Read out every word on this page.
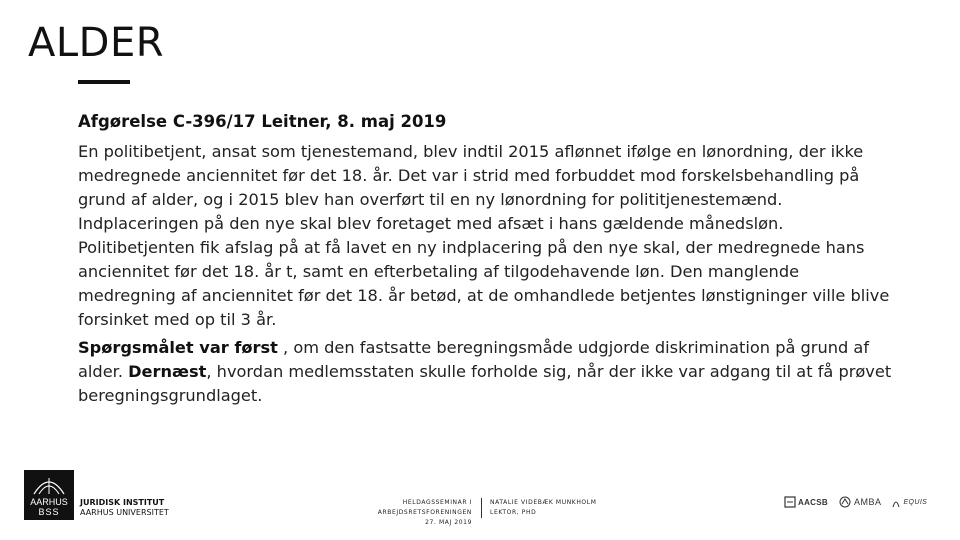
ALDER

Afgørelse C-396/17 Leitner, 8. maj 2019

En politibetjent, ansat som tjenestemand, blev indtil 2015 aflønnet ifølge en lønordning, der ikke medregnede anciennitet før det 18. år. Det var i strid med forbuddet mod forskelsbehandling på grund af alder, og i 2015 blev han overført til en ny lønordning for polititjenestemænd. Indplaceringen på den nye skal blev foretaget med afsæt i hans gældende månedsløn. Politibetjenten fik afslag på at få lavet en ny indplacering på den nye skal, der medregnede hans anciennitet før det 18. år t, samt en efterbetaling af tilgodehavende løn. Den manglende medregning af anciennitet før det 18. år betød, at de omhandlede betjentes lønstigninger ville blive forsinket med op til 3 år.

Spørgsmålet var først , om den fastsatte beregningsmåde udgjorde diskrimination på grund af alder. Dernæst, hvordan medlemsstaten skulle forholde sig, når der ikke var adgang til at få prøvet beregningsgrundlaget.

AARHUS
BSS
JURIDISK INSTITUT
AARHUS UNIVERSITET
HELDAGSSEMINAR I ARBEJDSRETSFORENINGEN
27. MAJ 2019
NATALIE VIDEBÆK MUNKHOLM
LEKTOR, PHD
AACSB	AMBA	EQUIS
